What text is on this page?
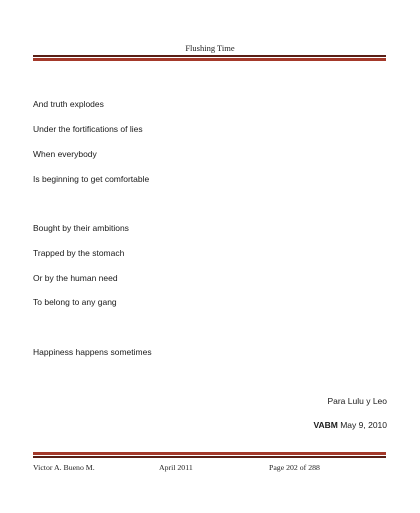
Flushing Time
And truth explodes
Under the fortifications of lies
When everybody
Is beginning to get comfortable
Bought by their ambitions
Trapped by the stomach
Or by the human need
To belong to any gang
Happiness happens sometimes
Para Lulu y Leo
VABM May 9, 2010
Victor A. Bueno M.	April 2011	Page 202 of 288
